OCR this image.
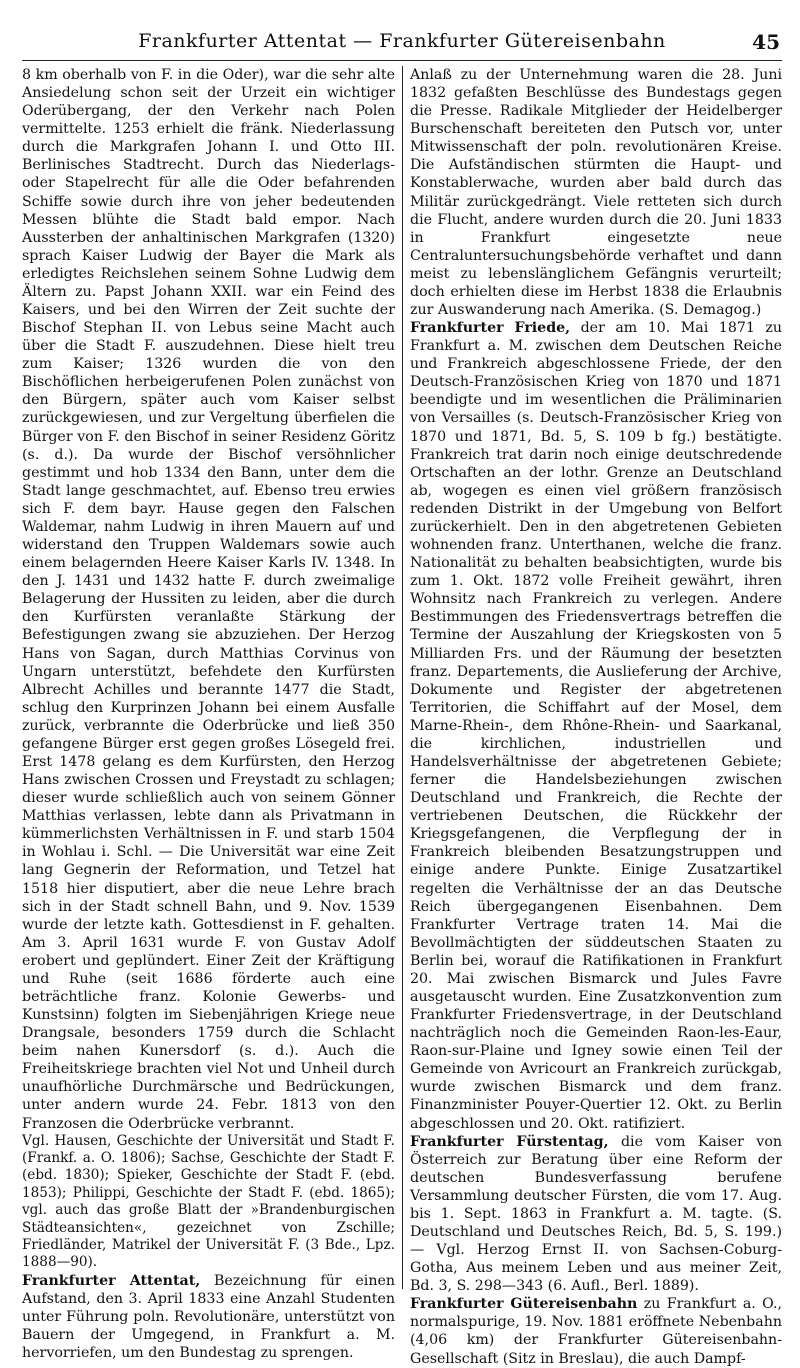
Frankfurter Attentat — Frankfurter Gütereisenbahn	45

8 km oberhalb von F. in die Oder), war die sehr alte Ansiedelung schon seit der Urzeit ein wichtiger Oderübergang, der den Verkehr nach Polen vermittelte. 1253 erhielt die fränk. Niederlassung durch die Markgrafen Johann I. und Otto III. Berlinisches Stadtrecht. Durch das Niederlags- oder Stapelrecht für alle die Oder befahrenden Schiffe sowie durch ihre von jeher bedeutenden Messen blühte die Stadt bald empor. Nach Aussterben der anhaltinischen Markgrafen (1320) sprach Kaiser Ludwig der Bayer die Mark als erledigtes Reichslehen seinem Sohne Ludwig dem Ältern zu. Papst Johann XXII. war ein Feind des Kaisers, und bei den Wirren der Zeit suchte der Bischof Stephan II. von Lebus seine Macht auch über die Stadt F. auszudehnen. Diese hielt treu zum Kaiser; 1326 wurden die von den Bischöflichen herbeigerufenen Polen zunächst von den Bürgern, später auch vom Kaiser selbst zurückgewiesen, und zur Vergeltung überfielen die Bürger von F. den Bischof in seiner Residenz Göritz (s. d.). Da wurde der Bischof versöhnlicher gestimmt und hob 1334 den Bann, unter dem die Stadt lange geschmachtet, auf. Ebenso treu erwies sich F. dem bayr. Hause gegen den Falschen Waldemar, nahm Ludwig in ihren Mauern auf und widerstand den Truppen Waldemars sowie auch einem belagernden Heere Kaiser Karls IV. 1348. In den J. 1431 und 1432 hatte F. durch zweimalige Belagerung der Hussiten zu leiden, aber die durch den Kurfürsten veranlaßte Stärkung der Befestigungen zwang sie abzuziehen. Der Herzog Hans von Sagan, durch Matthias Corvinus von Ungarn unterstützt, befehdete den Kurfürsten Albrecht Achilles und berannte 1477 die Stadt, schlug den Kurprinzen Johann bei einem Ausfalle zurück, verbrannte die Oderbrücke und ließ 350 gefangene Bürger erst gegen großes Lösegeld frei. Erst 1478 gelang es dem Kurfürsten, den Herzog Hans zwischen Crossen und Freystadt zu schlagen; dieser wurde schließlich auch von seinem Gönner Matthias verlassen, lebte dann als Privatmann in kümmerlichsten Verhältnissen in F. und starb 1504 in Wohlau i. Schl. — Die Universität war eine Zeit lang Gegnerin der Reformation, und Tetzel hat 1518 hier disputiert, aber die neue Lehre brach sich in der Stadt schnell Bahn, und 9. Nov. 1539 wurde der letzte kath. Gottesdienst in F. gehalten. Am 3. April 1631 wurde F. von Gustav Adolf erobert und geplündert. Einer Zeit der Kräftigung und Ruhe (seit 1686 förderte auch eine beträchtliche franz. Kolonie Gewerbs- und Kunstsinn) folgten im Siebenjährigen Kriege neue Drangsale, besonders 1759 durch die Schlacht beim nahen Kunersdorf (s. d.). Auch die Freiheitskriege brachten viel Not und Unheil durch unaufhörliche Durchmärsche und Bedrückungen, unter andern wurde 24. Febr. 1813 von den Franzosen die Oderbrücke verbrannt.

Vgl. Hausen, Geschichte der Universität und Stadt F. (Frankf. a. O. 1806); Sachse, Geschichte der Stadt F. (ebd. 1830); Spieker, Geschichte der Stadt F. (ebd. 1853); Philippi, Geschichte der Stadt F. (ebd. 1865); vgl. auch das große Blatt der »Brandenburgischen Städteansichten«, gezeichnet von Zschille; Friedländer, Matrikel der Universität F. (3 Bde., Lpz. 1888—90).

Frankfurter Attentat, Bezeichnung für einen Aufstand, den 3. April 1833 eine Anzahl Studenten unter Führung poln. Revolutionäre, unterstützt von Bauern der Umgegend, in Frankfurt a. M. hervorriefen, um den Bundestag zu sprengen.

Anlaß zu der Unternehmung waren die 28. Juni 1832 gefaßten Beschlüsse des Bundestags gegen die Presse. Radikale Mitglieder der Heidelberger Burschenschaft bereiteten den Putsch vor, unter Mitwissenschaft der poln. revolutionären Kreise. Die Aufständischen stürmten die Haupt- und Konstablerwache, wurden aber bald durch das Militär zurückgedrängt. Viele retteten sich durch die Flucht, andere wurden durch die 20. Juni 1833 in Frankfurt eingesetzte neue Centraluntersuchungsbehörde verhaftet und dann meist zu lebenslänglichem Gefängnis verurteilt; doch erhielten diese im Herbst 1838 die Erlaubnis zur Auswanderung nach Amerika. (S. Demagog.)

Frankfurter Friede, der am 10. Mai 1871 zu Frankfurt a. M. zwischen dem Deutschen Reiche und Frankreich abgeschlossene Friede, der den Deutsch-Französischen Krieg von 1870 und 1871 beendigte und im wesentlichen die Präliminarien von Versailles (s. Deutsch-Französischer Krieg von 1870 und 1871, Bd. 5, S. 109 b fg.) bestätigte. Frankreich trat darin noch einige deutschredende Ortschaften an der lothr. Grenze an Deutschland ab, wogegen es einen viel größern französisch redenden Distrikt in der Umgebung von Belfort zurückerhielt. Den in den abgetretenen Gebieten wohnenden franz. Unterthanen, welche die franz. Nationalität zu behalten beabsichtigten, wurde bis zum 1. Okt. 1872 volle Freiheit gewährt, ihren Wohnsitz nach Frankreich zu verlegen. Andere Bestimmungen des Friedensvertrags betreffen die Termine der Auszahlung der Kriegskosten von 5 Milliarden Frs. und der Räumung der besetzten franz. Departements, die Auslieferung der Archive, Dokumente und Register der abgetretenen Territorien, die Schiffahrt auf der Mosel, dem Marne-Rhein-, dem Rhône-Rhein- und Saarkanal, die kirchlichen, industriellen und Handelsverhältnisse der abgetretenen Gebiete; ferner die Handelsbeziehungen zwischen Deutschland und Frankreich, die Rechte der vertriebenen Deutschen, die Rückkehr der Kriegsgefangenen, die Verpflegung der in Frankreich bleibenden Besatzungstruppen und einige andere Punkte. Einige Zusatzartikel regelten die Verhältnisse der an das Deutsche Reich übergegangenen Eisenbahnen. Dem Frankfurter Vertrage traten 14. Mai die Bevollmächtigten der süddeutschen Staaten zu Berlin bei, worauf die Ratifikationen in Frankfurt 20. Mai zwischen Bismarck und Jules Favre ausgetauscht wurden. Eine Zusatzkonvention zum Frankfurter Friedensvertrage, in der Deutschland nachträglich noch die Gemeinden Raon-les-Eaur, Raon-sur-Plaine und Igney sowie einen Teil der Gemeinde von Avricourt an Frankreich zurückgab, wurde zwischen Bismarck und dem franz. Finanzminister Pouyer-Quertier 12. Okt. zu Berlin abgeschlossen und 20. Okt. ratifiziert.

Frankfurter Fürstentag, die vom Kaiser von Österreich zur Beratung über eine Reform der deutschen Bundesverfassung berufene Versammlung deutscher Fürsten, die vom 17. Aug. bis 1. Sept. 1863 in Frankfurt a. M. tagte. (S. Deutschland und Deutsches Reich, Bd. 5, S. 199.) — Vgl. Herzog Ernst II. von Sachsen-Coburg-Gotha, Aus meinem Leben und aus meiner Zeit, Bd. 3, S. 298—343 (6. Aufl., Berl. 1889).

Frankfurter Gütereisenbahn zu Frankfurt a. O., normalspurige, 19. Nov. 1881 eröffnete Nebenbahn (4,06 km) der Frankfurter Gütereisenbahn-Gesellschaft (Sitz in Breslau), die auch Dampf-
